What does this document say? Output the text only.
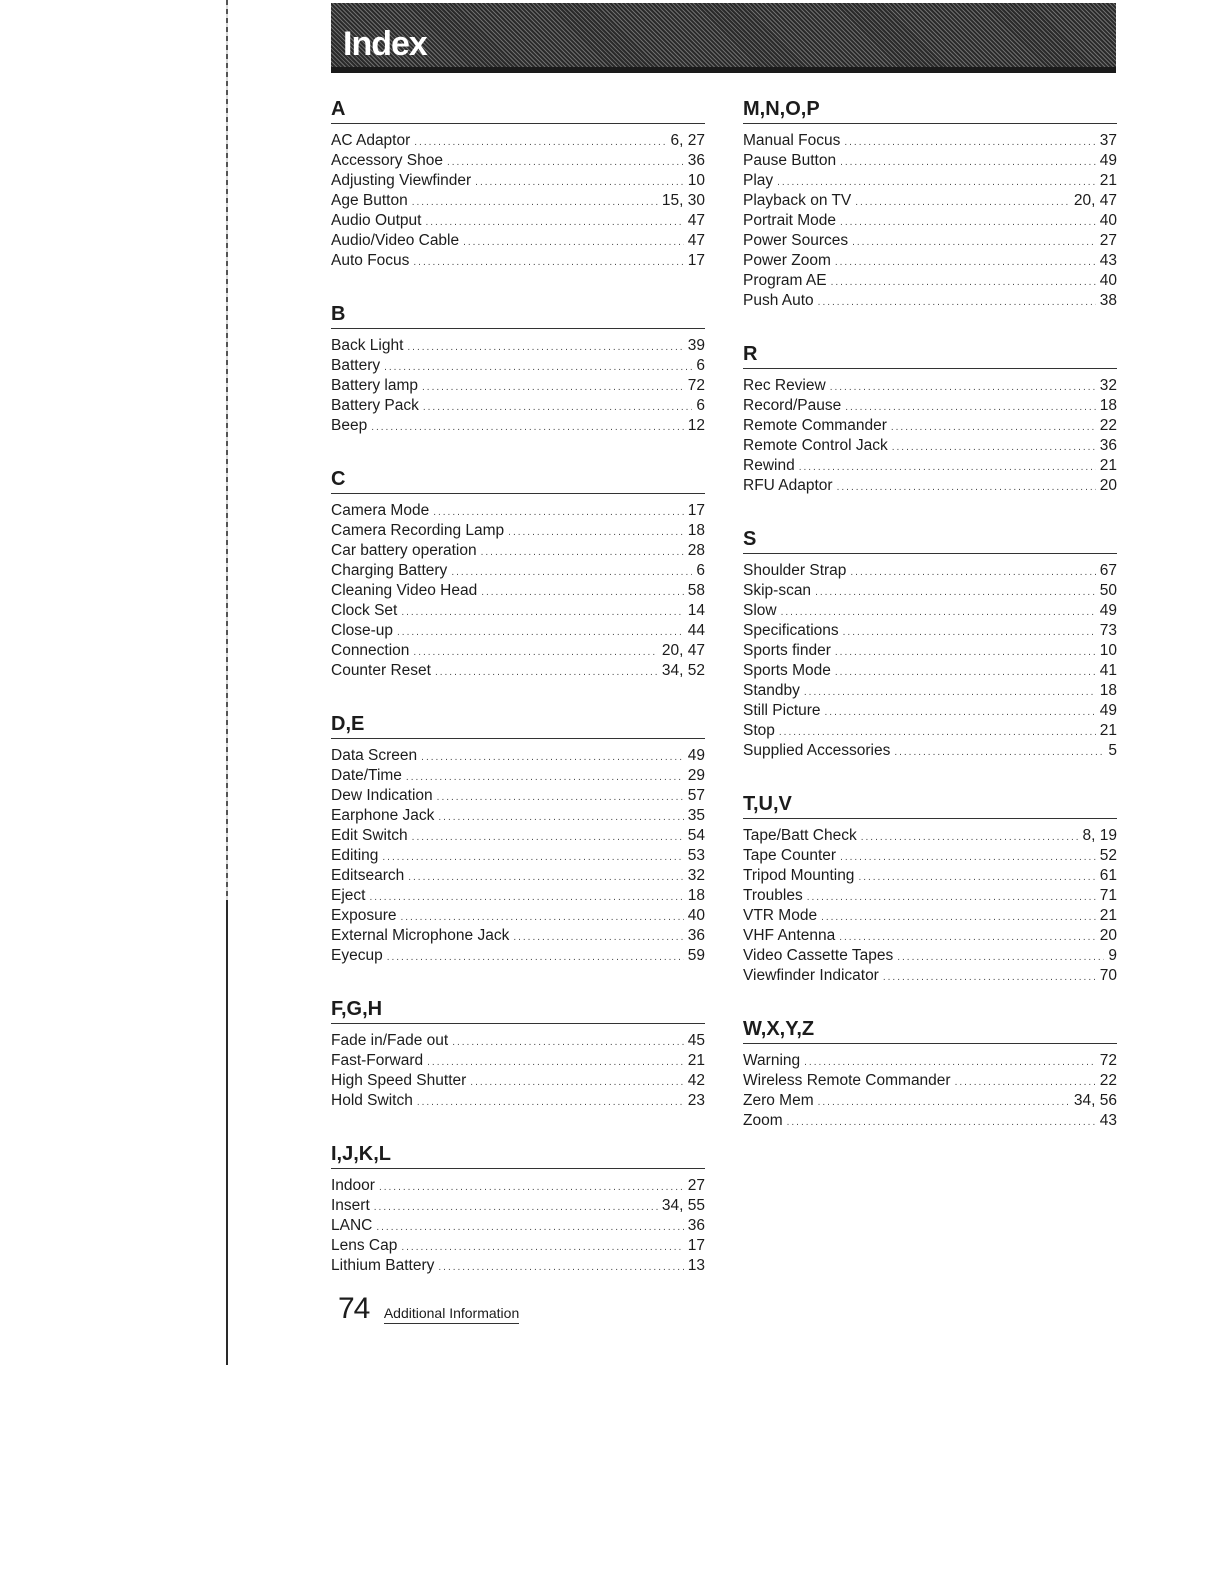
Index
A
AC Adaptor .....	6, 27
Accessory Shoe .....	36
Adjusting Viewfinder .....	10
Age Button .....	15, 30
Audio Output .....	47
Audio/Video Cable .....	47
Auto Focus .....	17
B
Back Light .....	39
Battery .....	6
Battery lamp .....	72
Battery Pack .....	6
Beep .....	12
C
Camera Mode .....	17
Camera Recording Lamp .....	18
Car battery operation .....	28
Charging Battery .....	6
Cleaning Video Head .....	58
Clock Set .....	14
Close-up .....	44
Connection .....	20, 47
Counter Reset .....	34, 52
D,E
Data Screen .....	49
Date/Time .....	29
Dew Indication .....	57
Earphone Jack .....	35
Edit Switch .....	54
Editing .....	53
Editsearch .....	32
Eject .....	18
Exposure .....	40
External Microphone Jack .....	36
Eyecup .....	59
F,G,H
Fade in/Fade out .....	45
Fast-Forward .....	21
High Speed Shutter .....	42
Hold Switch .....	23
I,J,K,L
Indoor .....	27
Insert .....	34, 55
LANC .....	36
Lens Cap .....	17
Lithium Battery .....	13
M,N,O,P
Manual Focus .....	37
Pause Button .....	49
Play .....	21
Playback on TV .....	20, 47
Portrait Mode .....	40
Power Sources .....	27
Power Zoom .....	43
Program AE .....	40
Push Auto .....	38
R
Rec Review .....	32
Record/Pause .....	18
Remote Commander .....	22
Remote Control Jack .....	36
Rewind .....	21
RFU Adaptor .....	20
S
Shoulder Strap .....	67
Skip-scan .....	50
Slow .....	49
Specifications .....	73
Sports finder .....	10
Sports Mode .....	41
Standby .....	18
Still Picture .....	49
Stop .....	21
Supplied Accessories .....	5
T,U,V
Tape/Batt Check .....	8, 19
Tape Counter .....	52
Tripod Mounting .....	61
Troubles .....	71
VTR Mode .....	21
VHF Antenna .....	20
Video Cassette Tapes .....	9
Viewfinder Indicator .....	70
W,X,Y,Z
Warning .....	72
Wireless Remote Commander .....	22
Zero Mem .....	34, 56
Zoom .....	43
74 Additional Information
